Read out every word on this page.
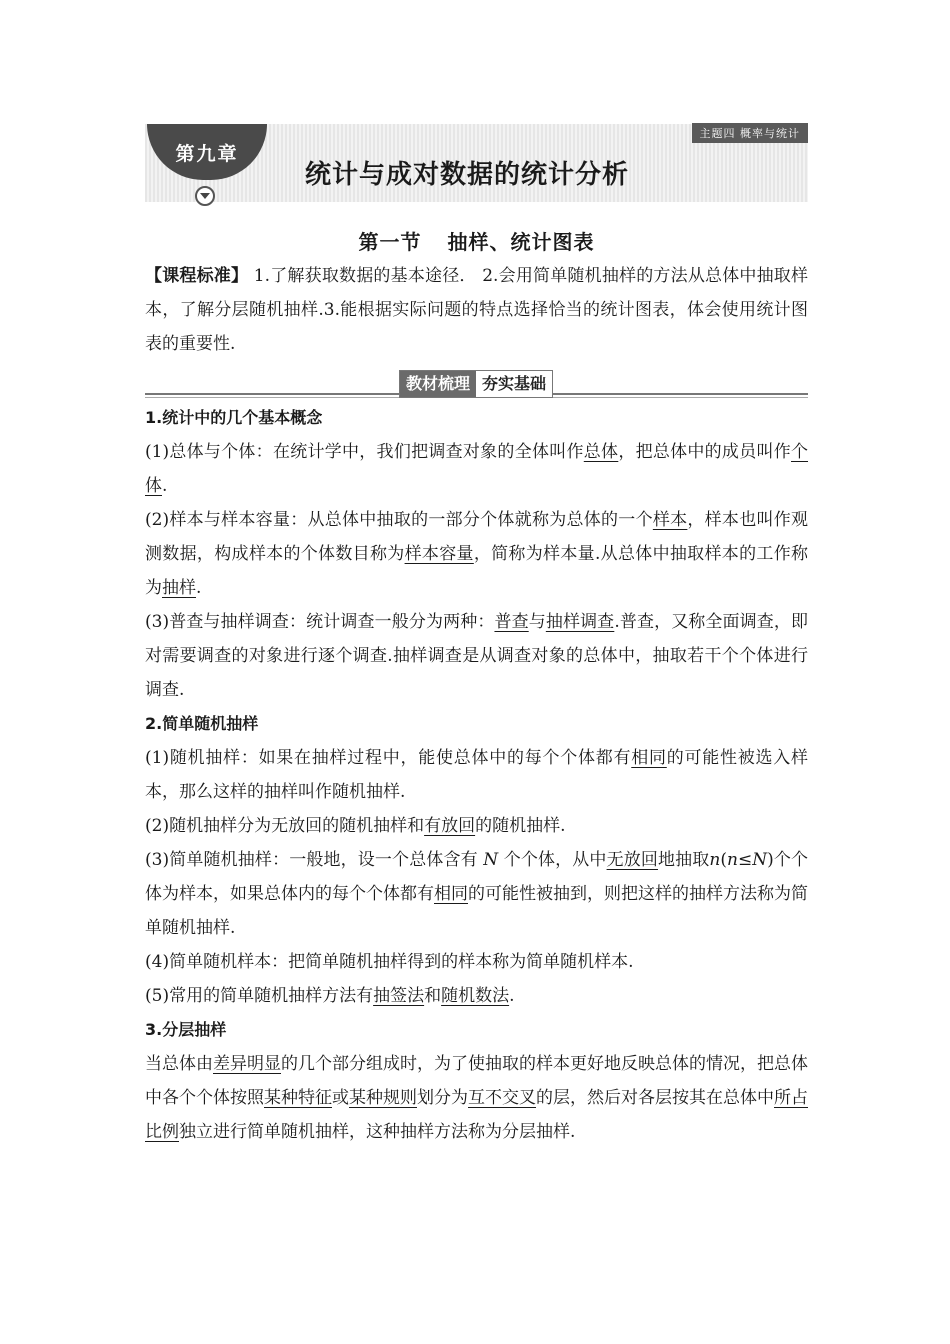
主题四 概率与统计
第九章
统计与成对数据的统计分析
第一节 抽样、统计图表

【课程标准】 1.了解获取数据的基本途径． 2.会用简单随机抽样的方法从总体中抽取样本，了解分层随机抽样.3.能根据实际问题的特点选择恰当的统计图表，体会使用统计图表的重要性.

教材梳理 夯实基础
1.统计中的几个基本概念

(1)总体与个体：在统计学中，我们把调查对象的全体叫作总体，把总体中的成员叫作个体.

(2)样本与样本容量：从总体中抽取的一部分个体就称为总体的一个样本，样本也叫作观测数据，构成样本的个体数目称为样本容量，简称为样本量.从总体中抽取样本的工作称为抽样.

(3)普查与抽样调查：统计调查一般分为两种：普查与抽样调查.普查，又称全面调查，即对需要调查的对象进行逐个调查.抽样调查是从调查对象的总体中，抽取若干个个体进行调查.

2.简单随机抽样

(1)随机抽样：如果在抽样过程中，能使总体中的每个个体都有相同的可能性被选入样本，那么这样的抽样叫作随机抽样.

(2)随机抽样分为无放回的随机抽样和有放回的随机抽样.

(3)简单随机抽样：一般地，设一个总体含有 N 个个体，从中无放回地抽取n(n≤N)个个体为样本，如果总体内的每个个体都有相同的可能性被抽到，则把这样的抽样方法称为简单随机抽样.

(4)简单随机样本：把简单随机抽样得到的样本称为简单随机样本.

(5)常用的简单随机抽样方法有抽签法和随机数法.

3.分层抽样

当总体由差异明显的几个部分组成时，为了使抽取的样本更好地反映总体的情况，把总体中各个个体按照某种特征或某种规则划分为互不交叉的层，然后对各层按其在总体中所占比例独立进行简单随机抽样，这种抽样方法称为分层抽样.
